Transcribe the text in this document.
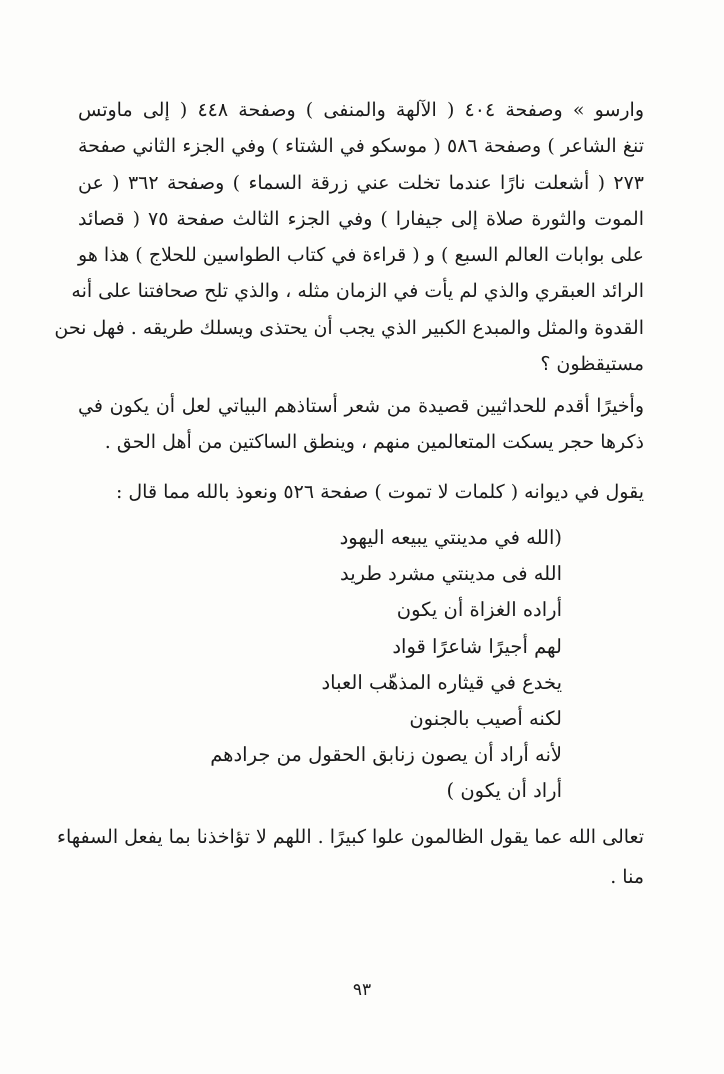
وارسو » وصفحة ٤٠٤ ( الآلهة والمنفى ) وصفحة ٤٤٨ ( إلى ماوتس
تنغ الشاعر ) وصفحة ٥٨٦ ( موسكو في الشتاء ) وفي الجزء الثاني صفحة
٢٧٣ ( أشعلت نارًا عندما تخلت عني زرقة السماء ) وصفحة ٣٦٢ ( عن
الموت والثورة صلاة إلى جيفارا ) وفي الجزء الثالث صفحة ٧٥ ( قصائد
على بوابات العالم السبع ) و ( قراءة في كتاب الطواسين للحلاج ) هذا هو
الرائد العبقري والذي لم يأت في الزمان مثله ، والذي تلح صحافتنا على أنه
القدوة والمثل والمبدع الكبير الذي يجب أن يحتذى ويسلك طريقه . فهل نحن
مستيقظون ؟

وأخيرًا أقدم للحداثيين قصيدة من شعر أستاذهم البياتي لعل أن يكون في
ذكرها حجر يسكت المتعالمين منهم ، وينطق الساكتين من أهل الحق .

يقول في ديوانه ( كلمات لا تموت ) صفحة ٥٢٦ ونعوذ بالله مما قال :

(الله في مدينتي يبيعه اليهود
الله فى مدينتي مشرد طريد
أراده الغزاة أن يكون
لهم أجيرًا شاعرًا قواد
يخدع في قيثاره المذهّب العباد
لكنه أصيب بالجنون
لأنه أراد أن يصون زنابق الحقول من جرادهم
أراد أن يكون )

تعالى الله عما يقول الظالمون علوا كبيرًا . اللهم لا تؤاخذنا بما يفعل السفهاء
منا .

٩٣
